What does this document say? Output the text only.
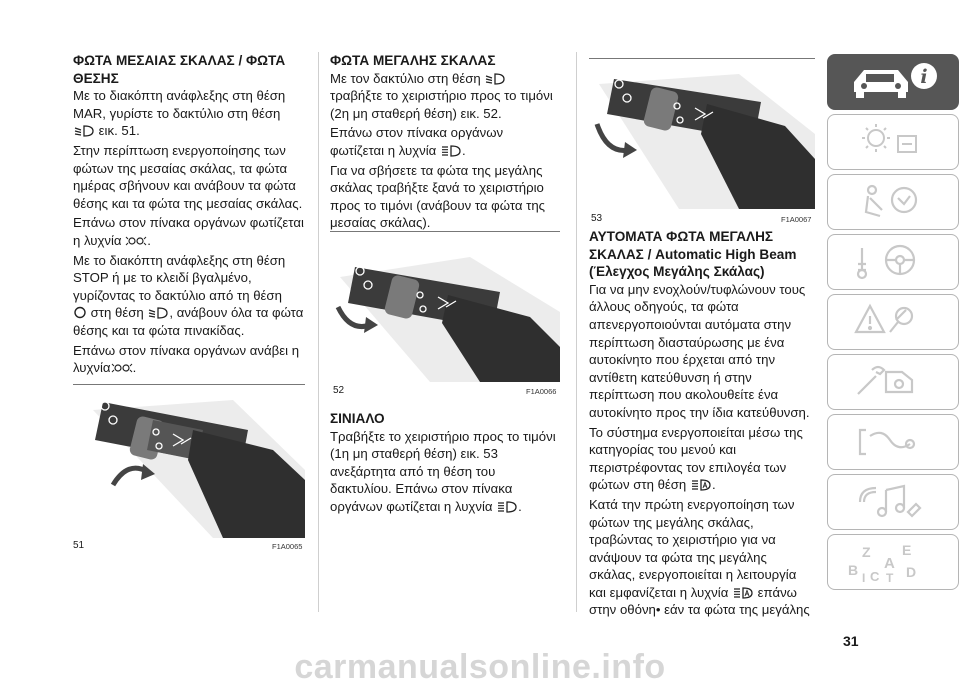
ΦΩΤΑ ΜΕΣΑΙΑΣ ΣΚΑΛΑΣ / ΦΩΤΑ ΘΕΣΗΣ

Με το διακόπτη ανάφλεξης στη θέση MAR, γυρίστε το δακτύλιο στη θέση
εικ. 51.

Στην περίπτωση ενεργοποίησης των φώτων της μεσαίας σκάλας, τα φώτα ημέρας σβήνουν και ανάβουν τα φώτα θέσης και τα φώτα της μεσαίας σκάλας.

Επάνω στον πίνακα οργάνων φωτίζεται η λυχνία .

Με το διακόπτη ανάφλεξης στη θέση STOP ή με το κλειδί βγαλμένο, γυρίζοντας το δακτύλιο από τη θέση
στη θέση , ανάβουν όλα τα φώτα θέσης και τα φώτα πινακίδας.

Επάνω στον πίνακα οργάνων ανάβει η λυχνία .

51	F1A0065

ΦΩΤΑ ΜΕΓΑΛΗΣ ΣΚΑΛΑΣ

Με τον δακτύλιο στη θέση  τραβήξτε το χειριστήριο προς το τιμόνι (2η μη σταθερή θέση) εικ. 52.

Επάνω στον πίνακα οργάνων φωτίζεται η λυχνία .

Για να σβήσετε τα φώτα της μεγάλης σκάλας τραβήξτε ξανά το χειριστήριο προς το τιμόνι (ανάβουν τα φώτα της μεσαίας σκάλας).

52	F1A0066

ΣΙΝΙΑΛΟ

Τραβήξτε το χειριστήριο προς το τιμόνι (1η μη σταθερή θέση) εικ. 53 ανεξάρτητα από τη θέση του δακτυλίου. Επάνω στον πίνακα οργάνων φωτίζεται η λυχνία .

53	F1A0067

ΑΥΤΟΜΑΤΑ ΦΩΤΑ ΜΕΓΑΛΗΣ ΣΚΑΛΑΣ / Automatic High Beam (Έλεγχος Μεγάλης Σκάλας)

Για να μην ενοχλούν/τυφλώνουν τους άλλους οδηγούς, τα φώτα απενεργοποιούνται αυτόματα στην περίπτωση διασταύρωσης με ένα αυτοκίνητο που έρχεται από την αντίθετη κατεύθυνση ή στην περίπτωση που ακολουθείτε ένα αυτοκίνητο προς την ίδια κατεύθυνση.

Το σύστημα ενεργοποιείται μέσω της κατηγορίας του μενού και περιστρέφοντας τον επιλογέα των φώτων στη θέση .

Κατά την πρώτη ενεργοποίηση των φώτων της μεγάλης σκάλας, τραβώντας το χειριστήριο για να ανάψουν τα φώτα της μεγάλης σκάλας, ενεργοποιείται η λειτουργία και εμφανίζεται η λυχνία επάνω στην οθόνη• εάν τα φώτα της μεγάλης

i
Z
B A
C D
E
T
I
31
carmanualsonline.info
